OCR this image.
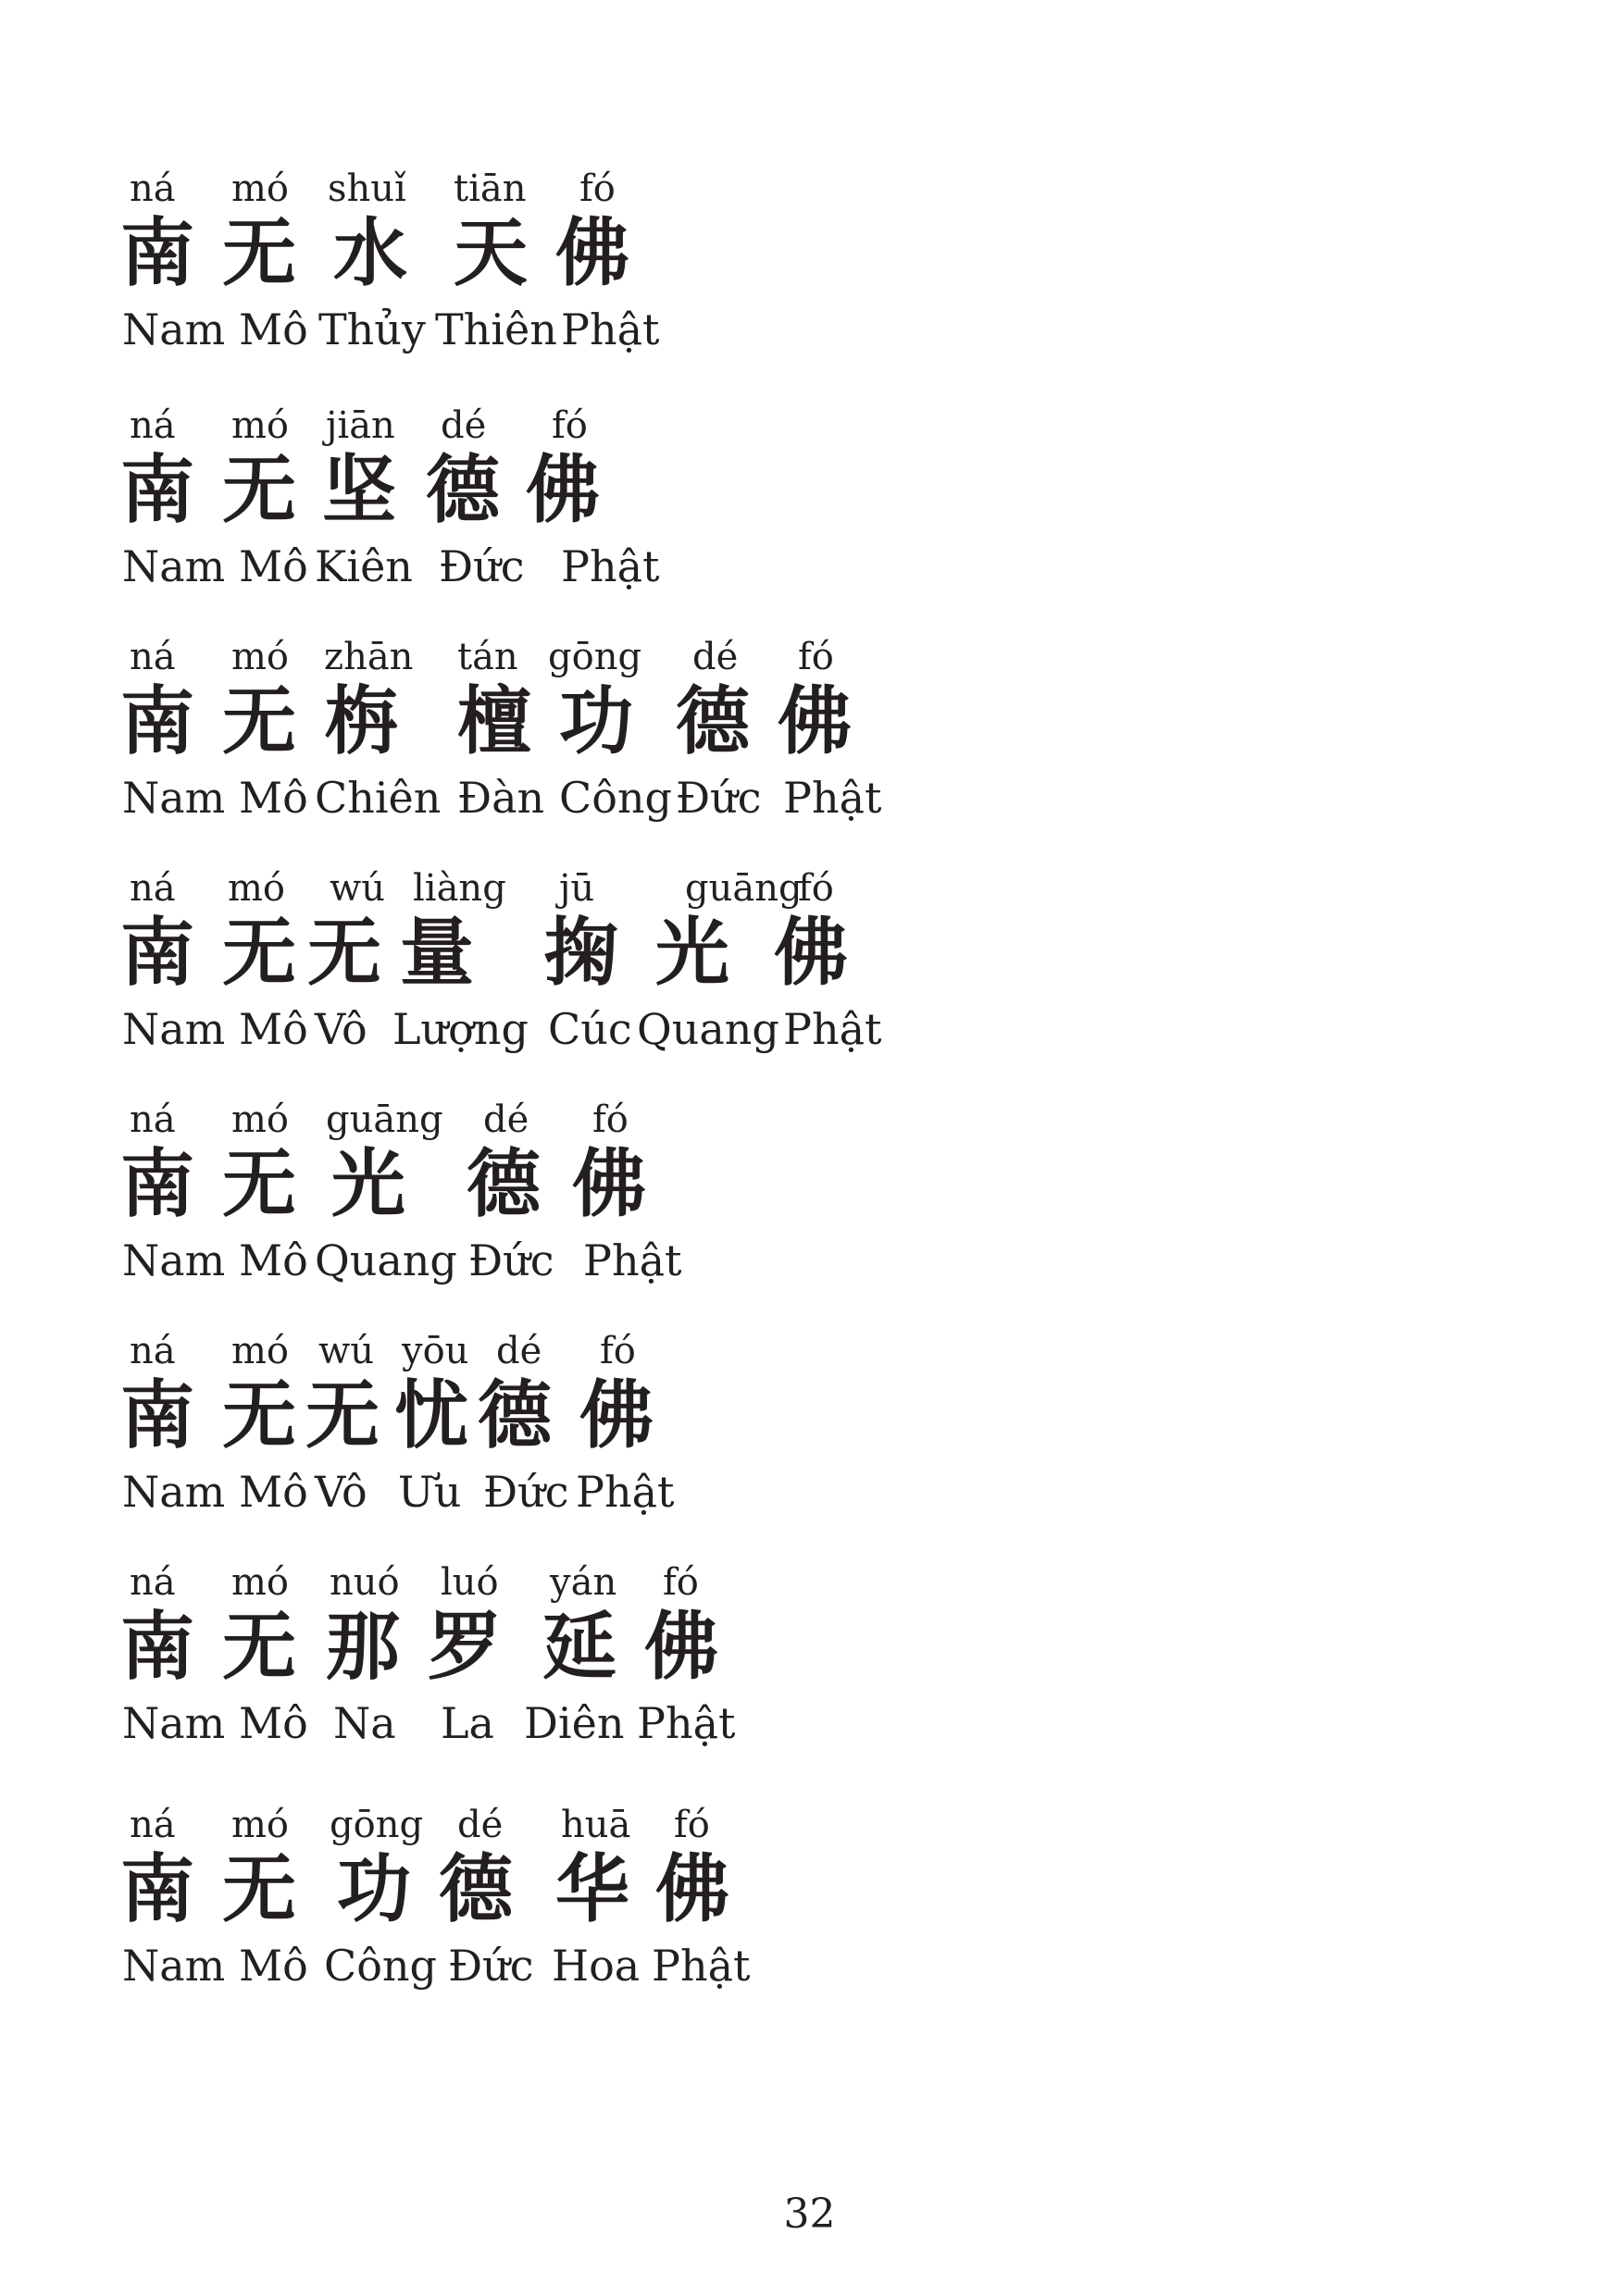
ná mó shuǐ tiān fó
南 无 水 天 佛
Nam Mô Thủy Thiên Phật
ná mó jiān dé fó
南 无 坚 德 佛
Nam Mô Kiên Đức Phật
ná mó zhān tán gōng dé fó
南 无 栴 檀 功 德 佛
Nam Mô Chiên Đàn Công Đức Phật
ná mó wú liàng jū guāng
fó
南 无 无 量 掬 光 佛
Nam Mô Vô Lượng Cúc Quang Phật
ná mó guāng dé fó
南 无 光 德 佛
Nam Mô Quang Đức Phật
ná mó wú yōu dé fó
南 无 无 忧 德 佛
Nam Mô Vô Ưu Đức Phật
ná mó nuó luó yán fó
南 无 那 罗 延 佛
Nam Mô Na La Diên Phật
ná mó gōng dé huā fó
南 无 功 德 华 佛
Nam Mô Công Đức Hoa Phật
32
